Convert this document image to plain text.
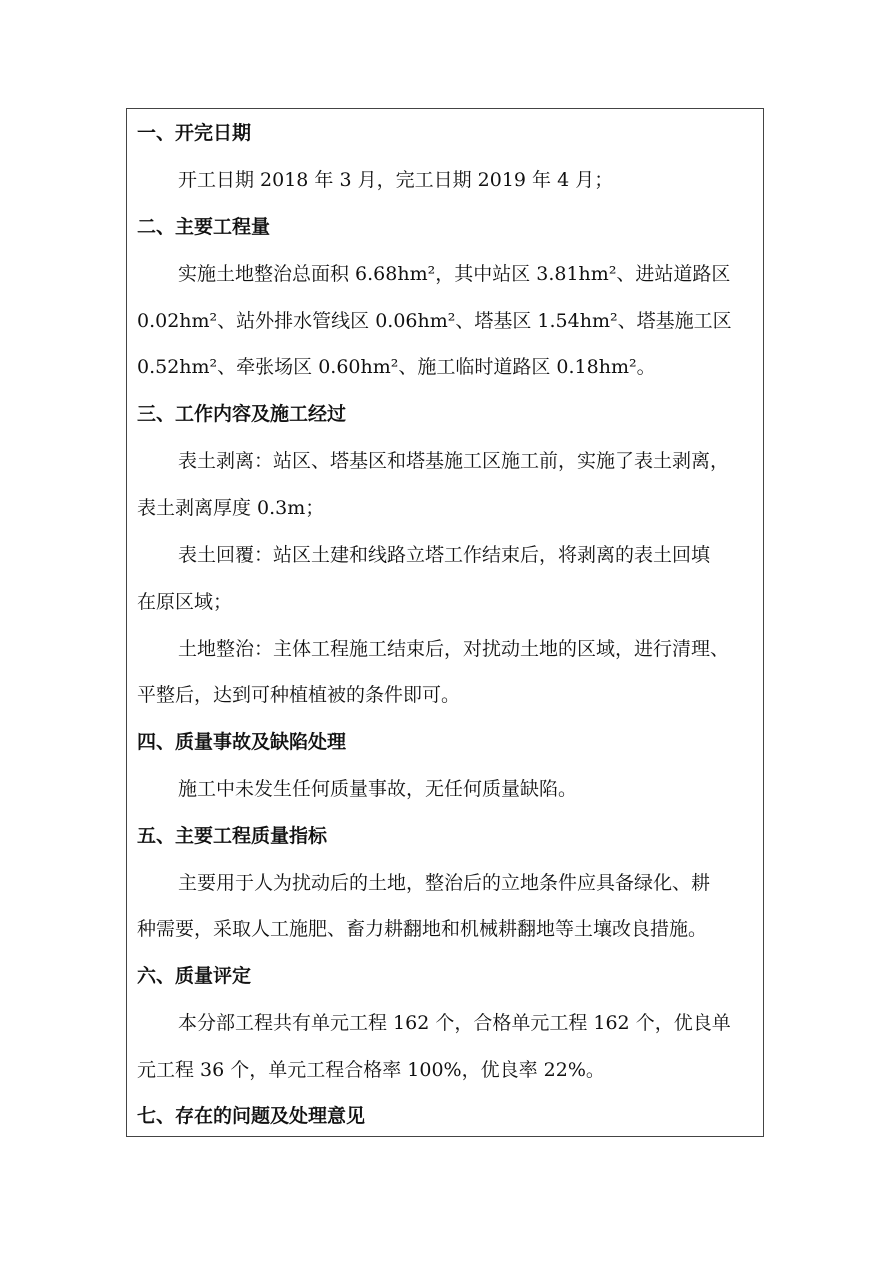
一、开完日期
开工日期 2018 年 3 月，完工日期 2019 年 4 月；
二、主要工程量
实施土地整治总面积 6.68hm²，其中站区 3.81hm²、进站道路区
0.02hm²、站外排水管线区 0.06hm²、塔基区 1.54hm²、塔基施工区
0.52hm²、牵张场区 0.60hm²、施工临时道路区 0.18hm²。
三、工作内容及施工经过
表土剥离：站区、塔基区和塔基施工区施工前，实施了表土剥离，
表土剥离厚度 0.3m；
表土回覆：站区土建和线路立塔工作结束后，将剥离的表土回填
在原区域；
土地整治：主体工程施工结束后，对扰动土地的区域，进行清理、
平整后，达到可种植植被的条件即可。
四、质量事故及缺陷处理
施工中未发生任何质量事故，无任何质量缺陷。
五、主要工程质量指标
主要用于人为扰动后的土地，整治后的立地条件应具备绿化、耕
种需要，采取人工施肥、畜力耕翻地和机械耕翻地等土壤改良措施。
六、质量评定
本分部工程共有单元工程 162 个，合格单元工程 162 个，优良单
元工程 36 个，单元工程合格率 100%，优良率 22%。
七、存在的问题及处理意见
